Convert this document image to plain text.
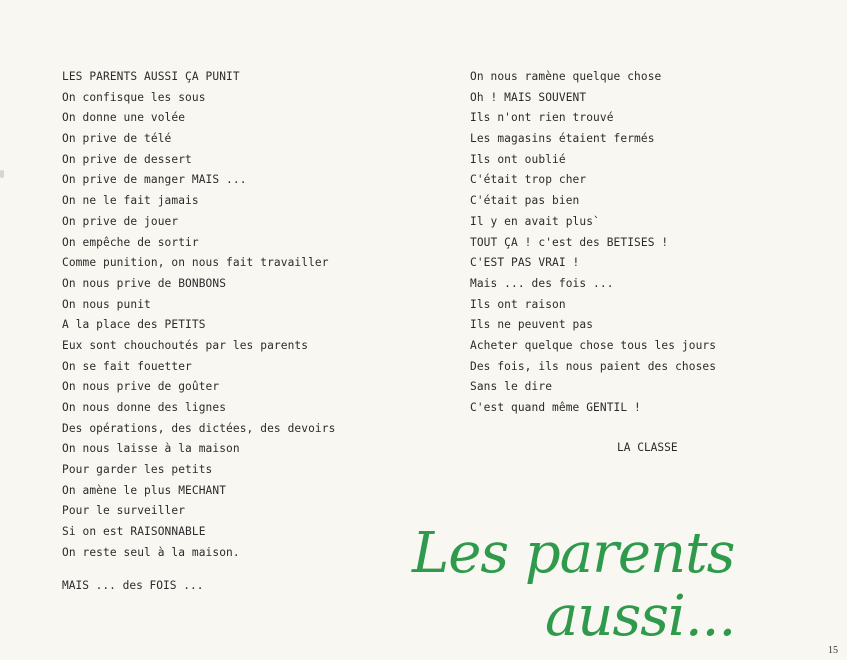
LES PARENTS AUSSI ÇA PUNIT
On confisque les sous
On donne une volée
On prive de télé
On prive de dessert
On prive de manger MAIS ...
On ne le fait jamais
On prive de jouer
On empêche de sortir
Comme punition, on nous fait travailler
On nous prive de BONBONS
On nous punit
A la place des PETITS
Eux sont chouchoutés par les parents
On se fait fouetter
On nous prive de goûter
On nous donne des lignes
Des opérations, des dictées, des devoirs
On nous laisse à la maison
Pour garder les petits
On amène le plus MECHANT
Pour le surveiller
Si on est RAISONNABLE
On reste seul à la maison.
MAIS ... des FOIS ...
On nous ramène quelque chose
Oh ! MAIS SOUVENT
Ils n'ont rien trouvé
Les magasins étaient fermés
Ils ont oublié
C'était trop cher
C'était pas bien
Il y en avait plus`
TOUT ÇA ! c'est des BETISES !
C'EST PAS VRAI !
Mais ... des fois ...
Ils ont raison
Ils ne peuvent pas
Acheter quelque chose tous les jours
Des fois, ils nous paient des choses
Sans le dire
C'est quand même GENTIL !
LA CLASSE
Les parents
aussi...
15
